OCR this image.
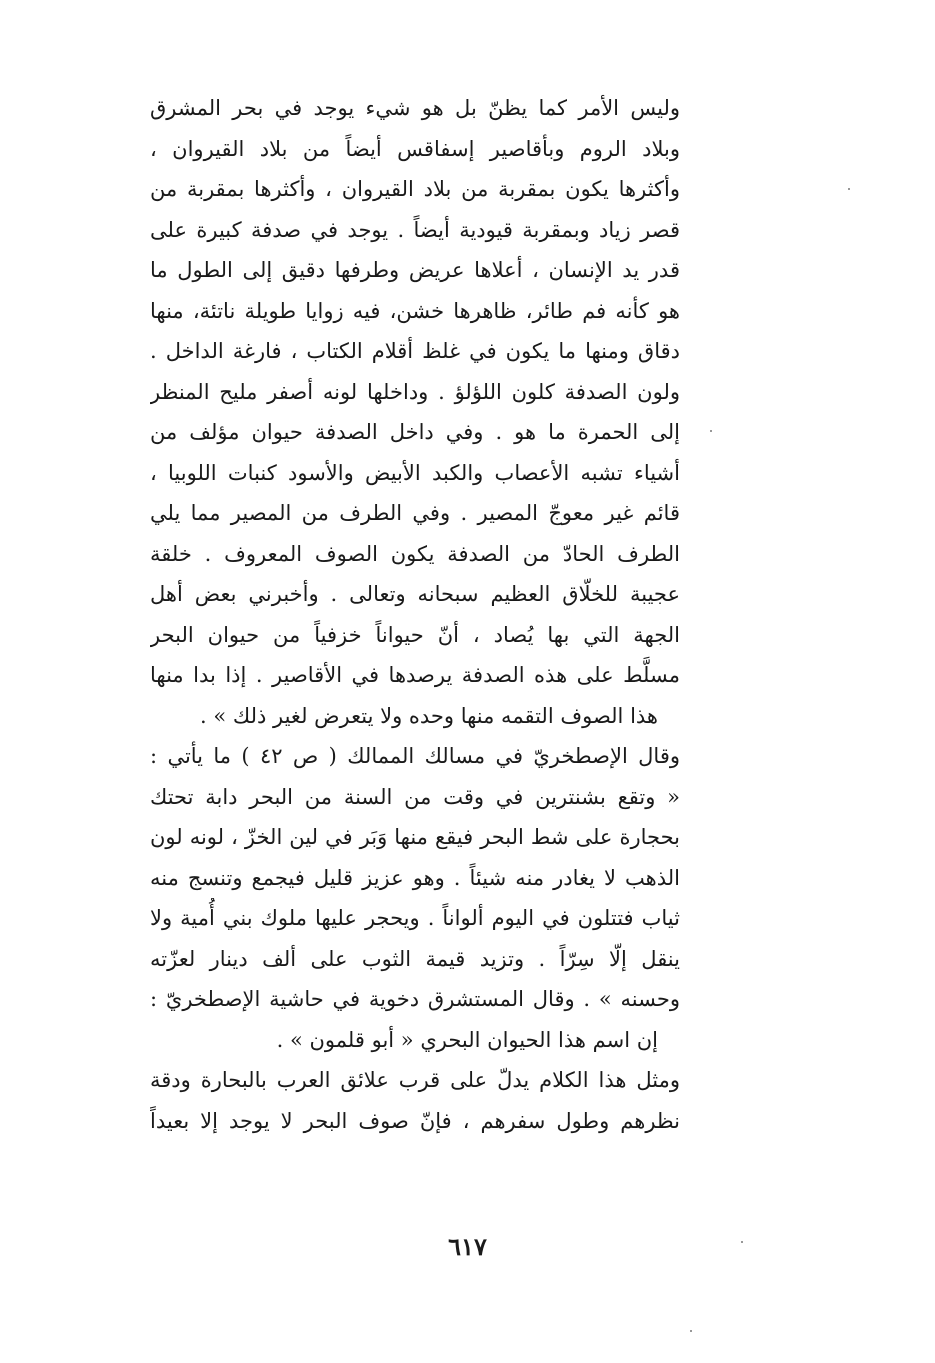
وليس الأمر كما يظنّ بل هو شيء يوجد في بحر المشرق
وبلاد الروم وبأقاصير إسفاقس أيضاً من بلاد القيروان ،
وأكثرها يكون بمقربة من بلاد القيروان ، وأكثرها بمقربة من
قصر زياد وبمقربة قيودية أيضاً . يوجد في صدفة كبيرة على
قدر يد الإنسان ، أعلاها عريض وطرفها دقيق إلى الطول ما
هو كأنه فم طائر، ظاهرها خشن، فيه زوايا طويلة ناتئة، منها
دقاق ومنها ما يكون في غلظ أقلام الكتاب ، فارغة الداخل .
ولون الصدفة كلون اللؤلؤ . وداخلها لونه أصفر مليح المنظر
إلى الحمرة ما هو . وفي داخل الصدفة حيوان مؤلف من
أشياء تشبه الأعصاب والكبد الأبيض والأسود كنبات اللوبيا ،
قائم غير معوجّ المصير . وفي الطرف من المصير مما يلي
الطرف الحادّ من الصدفة يكون الصوف المعروف . خلقة
عجيبة للخلّاق العظيم سبحانه وتعالى . وأخبرني بعض أهل
الجهة التي بها يُصاد ، أنّ حيواناً خزفياً من حيوان البحر
مسلَّط على هذه الصدفة يرصدها في الأقاصير . إذا بدا منها
هذا الصوف التقمه منها وحده ولا يتعرض لغير ذلك » .
وقال الإصطخريّ في مسالك الممالك ( ص ٤٢ ) ما يأتي :
« وتقع بشنترين في وقت من السنة من البحر دابة تحتك
بحجارة على شط البحر فيقع منها وَبَر في لين الخزّ ، لونه لون
الذهب لا يغادر منه شيئاً . وهو عزيز قليل فيجمع وتنسج منه
ثياب فتتلون في اليوم ألواناً . ويحجر عليها ملوك بني أُمية ولا
ينقل إلّا سِرّاً . وتزيد قيمة الثوب على ألف دينار لعزّته
وحسنه » . وقال المستشرق دخوية في حاشية الإصطخريّ :
إن اسم هذا الحيوان البحري « أبو قلمون » .
ومثل هذا الكلام يدلّ على قرب علائق العرب بالبحارة ودقة
نظرهم وطول سفرهم ، فإنّ صوف البحر لا يوجد إلا بعيداً
٦١٧
